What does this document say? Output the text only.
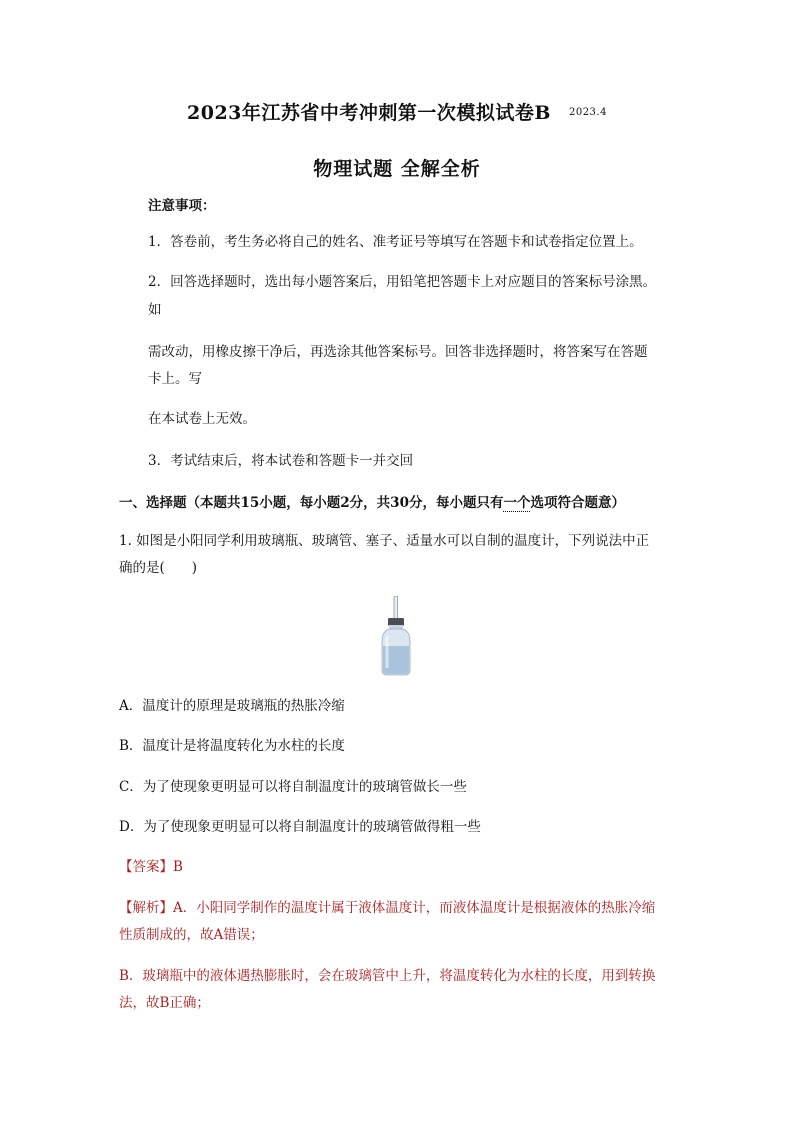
2023年江苏省中考冲刺第一次模拟试卷B $^{2023.4}$
物理试题 全解全析
注意事项：
1．答卷前，考生务必将自己的姓名、准考证号等填写在答题卡和试卷指定位置上。
2．回答选择题时，选出每小题答案后，用铅笔把答题卡上对应题目的答案标号涂黑。
如
需改动，用橡皮擦干净后，再选涂其他答案标号。回答非选择题时，将答案写在答题
卡上。写
在本试卷上无效。
3．考试结束后，将本试卷和答题卡一并交回
一、选择题（本题共15小题，每小题2分，共30分，每小题只有一个选项符合题意）
1. 如图是小阳同学利用玻璃瓶、玻璃管、塞子、适量水可以自制的温度计，下列说法中正
确的是(　　)
A．温度计的原理是玻璃瓶的热胀冷缩
B．温度计是将温度转化为水柱的长度
C．为了使现象更明显可以将自制温度计的玻璃管做长一些
D．为了使现象更明显可以将自制温度计的玻璃管做得粗一些
【答案】B
【解析】A．小阳同学制作的温度计属于液体温度计，而液体温度计是根据液体的热胀冷缩
性质制成的，故A错误；
B．玻璃瓶中的液体遇热膨胀时，会在玻璃管中上升，将温度转化为水柱的长度，用到转换
法，故B正确；
